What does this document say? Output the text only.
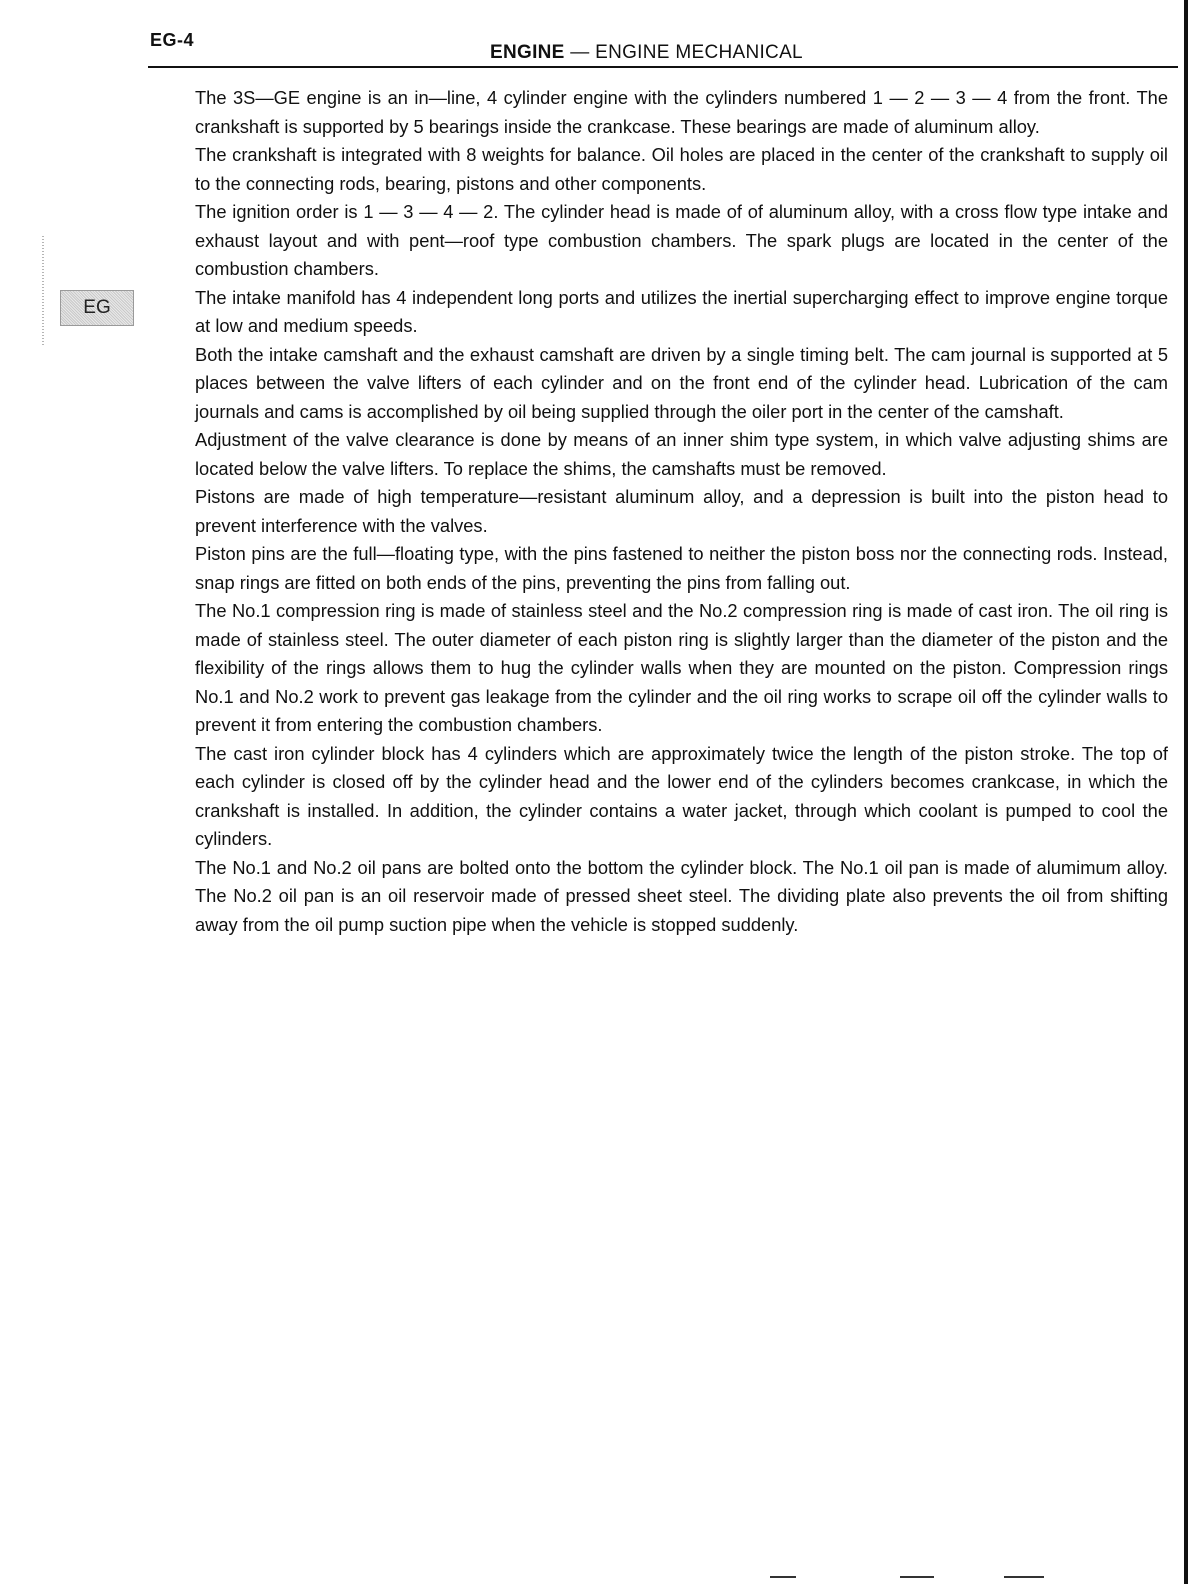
EG-4
ENGINE — ENGINE MECHANICAL
EG

The 3S—GE engine is an in—line, 4 cylinder engine with the cylinders numbered 1 — 2 — 3 — 4 from the front. The crankshaft is supported by 5 bearings inside the crankcase. These bearings are made of aluminum alloy.

The crankshaft is integrated with 8 weights for balance. Oil holes are placed in the center of the crankshaft to supply oil to the connecting rods, bearing, pistons and other components.

The ignition order is 1 — 3 — 4 — 2. The cylinder head is made of of aluminum alloy, with a cross flow type intake and exhaust layout and with pent—roof type combustion chambers. The spark plugs are located in the center of the combustion chambers.

The intake manifold has 4 independent long ports and utilizes the inertial supercharging effect to improve engine torque at low and medium speeds.

Both the intake camshaft and the exhaust camshaft are driven by a single timing belt. The cam journal is supported at 5 places between the valve lifters of each cylinder and on the front end of the cylinder head. Lubrication of the cam journals and cams is accomplished by oil being supplied through the oiler port in the center of the camshaft.

Adjustment of the valve clearance is done by means of an inner shim type system, in which valve adjusting shims are located below the valve lifters. To replace the shims, the camshafts must be removed.

Pistons are made of high temperature—resistant aluminum alloy, and a depression is built into the piston head to prevent interference with the valves.

Piston pins are the full—floating type, with the pins fastened to neither the piston boss nor the connecting rods. Instead, snap rings are fitted on both ends of the pins, preventing the pins from falling out.

The No.1 compression ring is made of stainless steel and the No.2 compression ring is made of cast iron. The oil ring is made of stainless steel. The outer diameter of each piston ring is slightly larger than the diameter of the piston and the flexibility of the rings allows them to hug the cylinder walls when they are mounted on the piston. Compression rings No.1 and No.2 work to prevent gas leakage from the cylinder and the oil ring works to scrape oil off the cylinder walls to prevent it from entering the combustion chambers.

The cast iron cylinder block has 4 cylinders which are approximately twice the length of the piston stroke. The top of each cylinder is closed off by the cylinder head and the lower end of the cylinders becomes crankcase, in which the crankshaft is installed. In addition, the cylinder contains a water jacket, through which coolant is pumped to cool the cylinders.

The No.1 and No.2 oil pans are bolted onto the bottom the cylinder block. The No.1 oil pan is made of alumimum alloy. The No.2 oil pan is an oil reservoir made of pressed sheet steel. The dividing plate also prevents the oil from shifting away from the oil pump suction pipe when the vehicle is stopped suddenly.
